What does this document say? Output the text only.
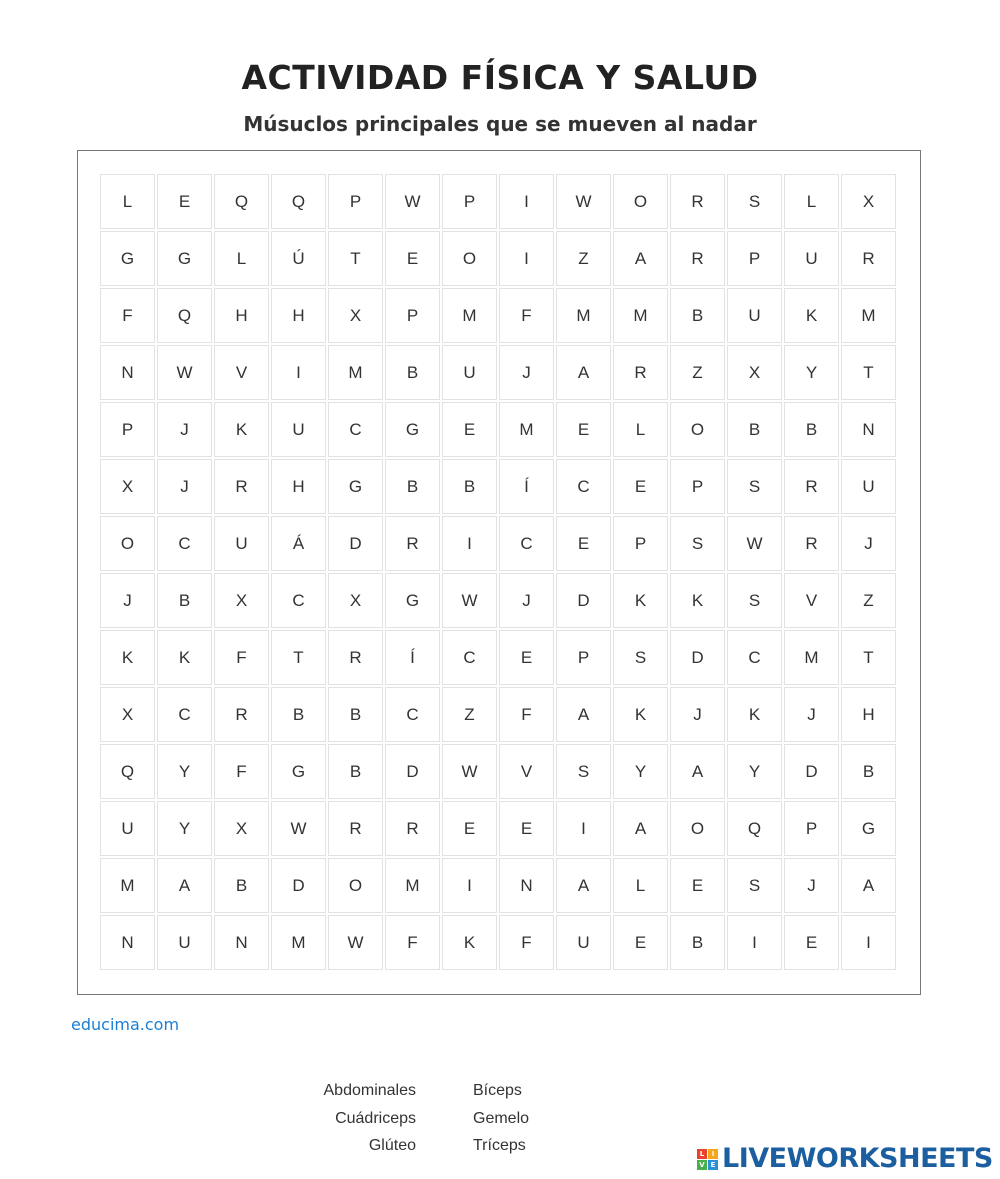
ACTIVIDAD FÍSICA Y SALUD
Músuclos principales que se mueven al nadar
L	E	Q	Q	P	W	P	I	W	O	R	S	L	X
G	G	L	Ú	T	E	O	I	Z	A	R	P	U	R
F	Q	H	H	X	P	M	F	M	M	B	U	K	M
N	W	V	I	M	B	U	J	A	R	Z	X	Y	T
P	J	K	U	C	G	E	M	E	L	O	B	B	N
X	J	R	H	G	B	B	Í	C	E	P	S	R	U
O	C	U	Á	D	R	I	C	E	P	S	W	R	J
J	B	X	C	X	G	W	J	D	K	K	S	V	Z
K	K	F	T	R	Í	C	E	P	S	D	C	M	T
X	C	R	B	B	C	Z	F	A	K	J	K	J	H
Q	Y	F	G	B	D	W	V	S	Y	A	Y	D	B
U	Y	X	W	R	R	E	E	I	A	O	Q	P	G
M	A	B	D	O	M	I	N	A	L	E	S	J	A
N	U	N	M	W	F	K	F	U	E	B	I	E	I
educima.com
Abdominales
Cuádriceps
Glúteo
Bíceps
Gemelo
Tríceps	L	I
V E LIVEWORKSHEETS
